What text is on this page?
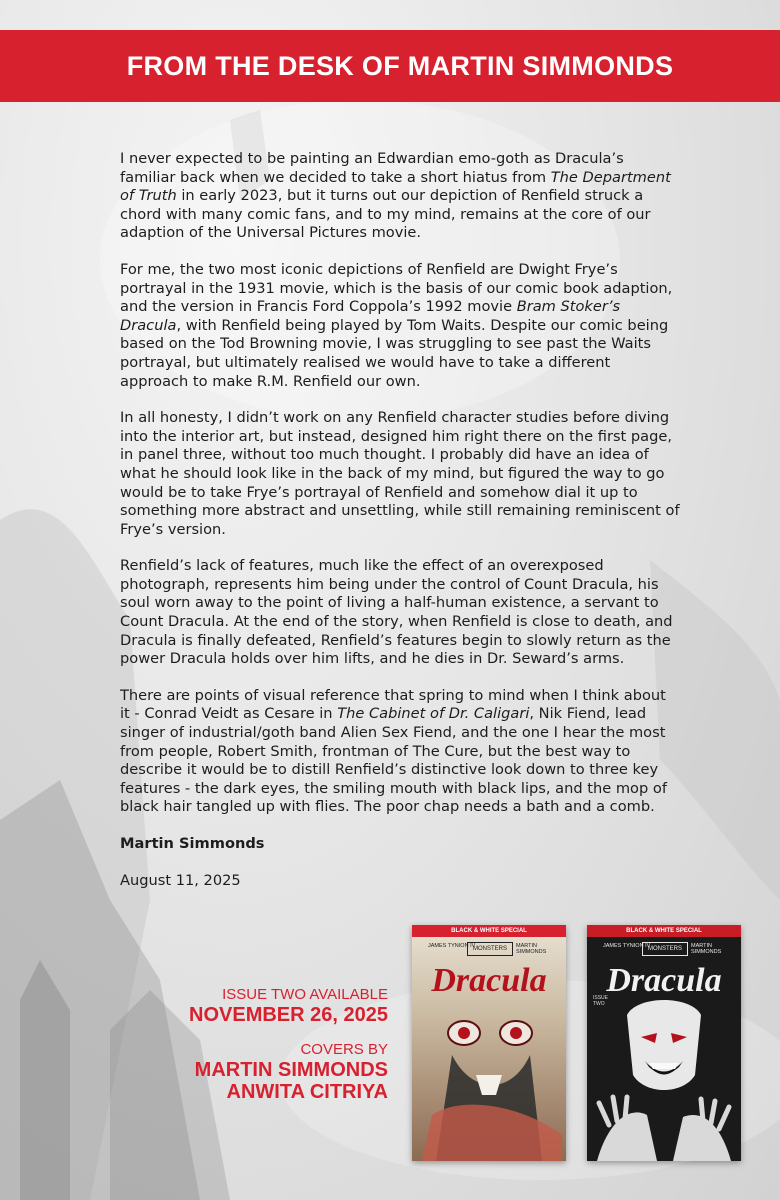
FROM THE DESK OF MARTIN SIMMONDS

I never expected to be painting an Edwardian emo-goth as Dracula’s familiar back when we decided to take a short hiatus from The Department of Truth in early 2023, but it turns out our depiction of Renfield struck a chord with many comic fans, and to my mind, remains at the core of our adaption of the Universal Pictures movie.

For me, the two most iconic depictions of Renfield are Dwight Frye’s portrayal in the 1931 movie, which is the basis of our comic book adaption, and the version in Francis Ford Coppola’s 1992 movie Bram Stoker’s Dracula, with Renfield being played by Tom Waits. Despite our comic being based on the Tod Browning movie, I was struggling to see past the Waits portrayal, but ultimately realised we would have to take a different approach to make R.M. Renfield our own.

In all honesty, I didn’t work on any Renfield character studies before diving into the interior art, but instead, designed him right there on the first page, in panel three, without too much thought. I probably did have an idea of what he should look like in the back of my mind, but figured the way to go would be to take Frye’s portrayal of Renfield and somehow dial it up to something more abstract and unsettling, while still remaining reminiscent of Frye’s version.

Renfield’s lack of features, much like the effect of an overexposed photograph, represents him being under the control of Count Dracula, his soul worn away to the point of living a half-human existence, a servant to Count Dracula. At the end of the story, when Renfield is close to death, and Dracula is finally defeated, Renfield’s features begin to slowly return as the power Dracula holds over him lifts, and he dies in Dr. Seward’s arms.

There are points of visual reference that spring to mind when I think about it - Conrad Veidt as Cesare in The Cabinet of Dr. Caligari, Nik Fiend, lead singer of industrial/goth band Alien Sex Fiend, and the one I hear the most from people, Robert Smith, frontman of The Cure, but the best way to describe it would be to distill Renfield’s distinctive look down to three key features - the dark eyes, the smiling mouth with black lips, and the mop of black hair tangled up with flies. The poor chap needs a bath and a comb.

Martin Simmonds

August 11, 2025

ISSUE TWO AVAILABLE
NOVEMBER 26, 2025
COVERS BY
MARTIN SIMMONDS
ANWITA CITRIYA
BLACK & WHITE SPECIAL
JAMES TYNION IV
MONSTERS	MARTIN SIMMONDS
Dracula
BLACK & WHITE SPECIAL
JAMES TYNION IV
MONSTERS	MARTIN SIMMONDS
ISSUE TWO
Dracula
